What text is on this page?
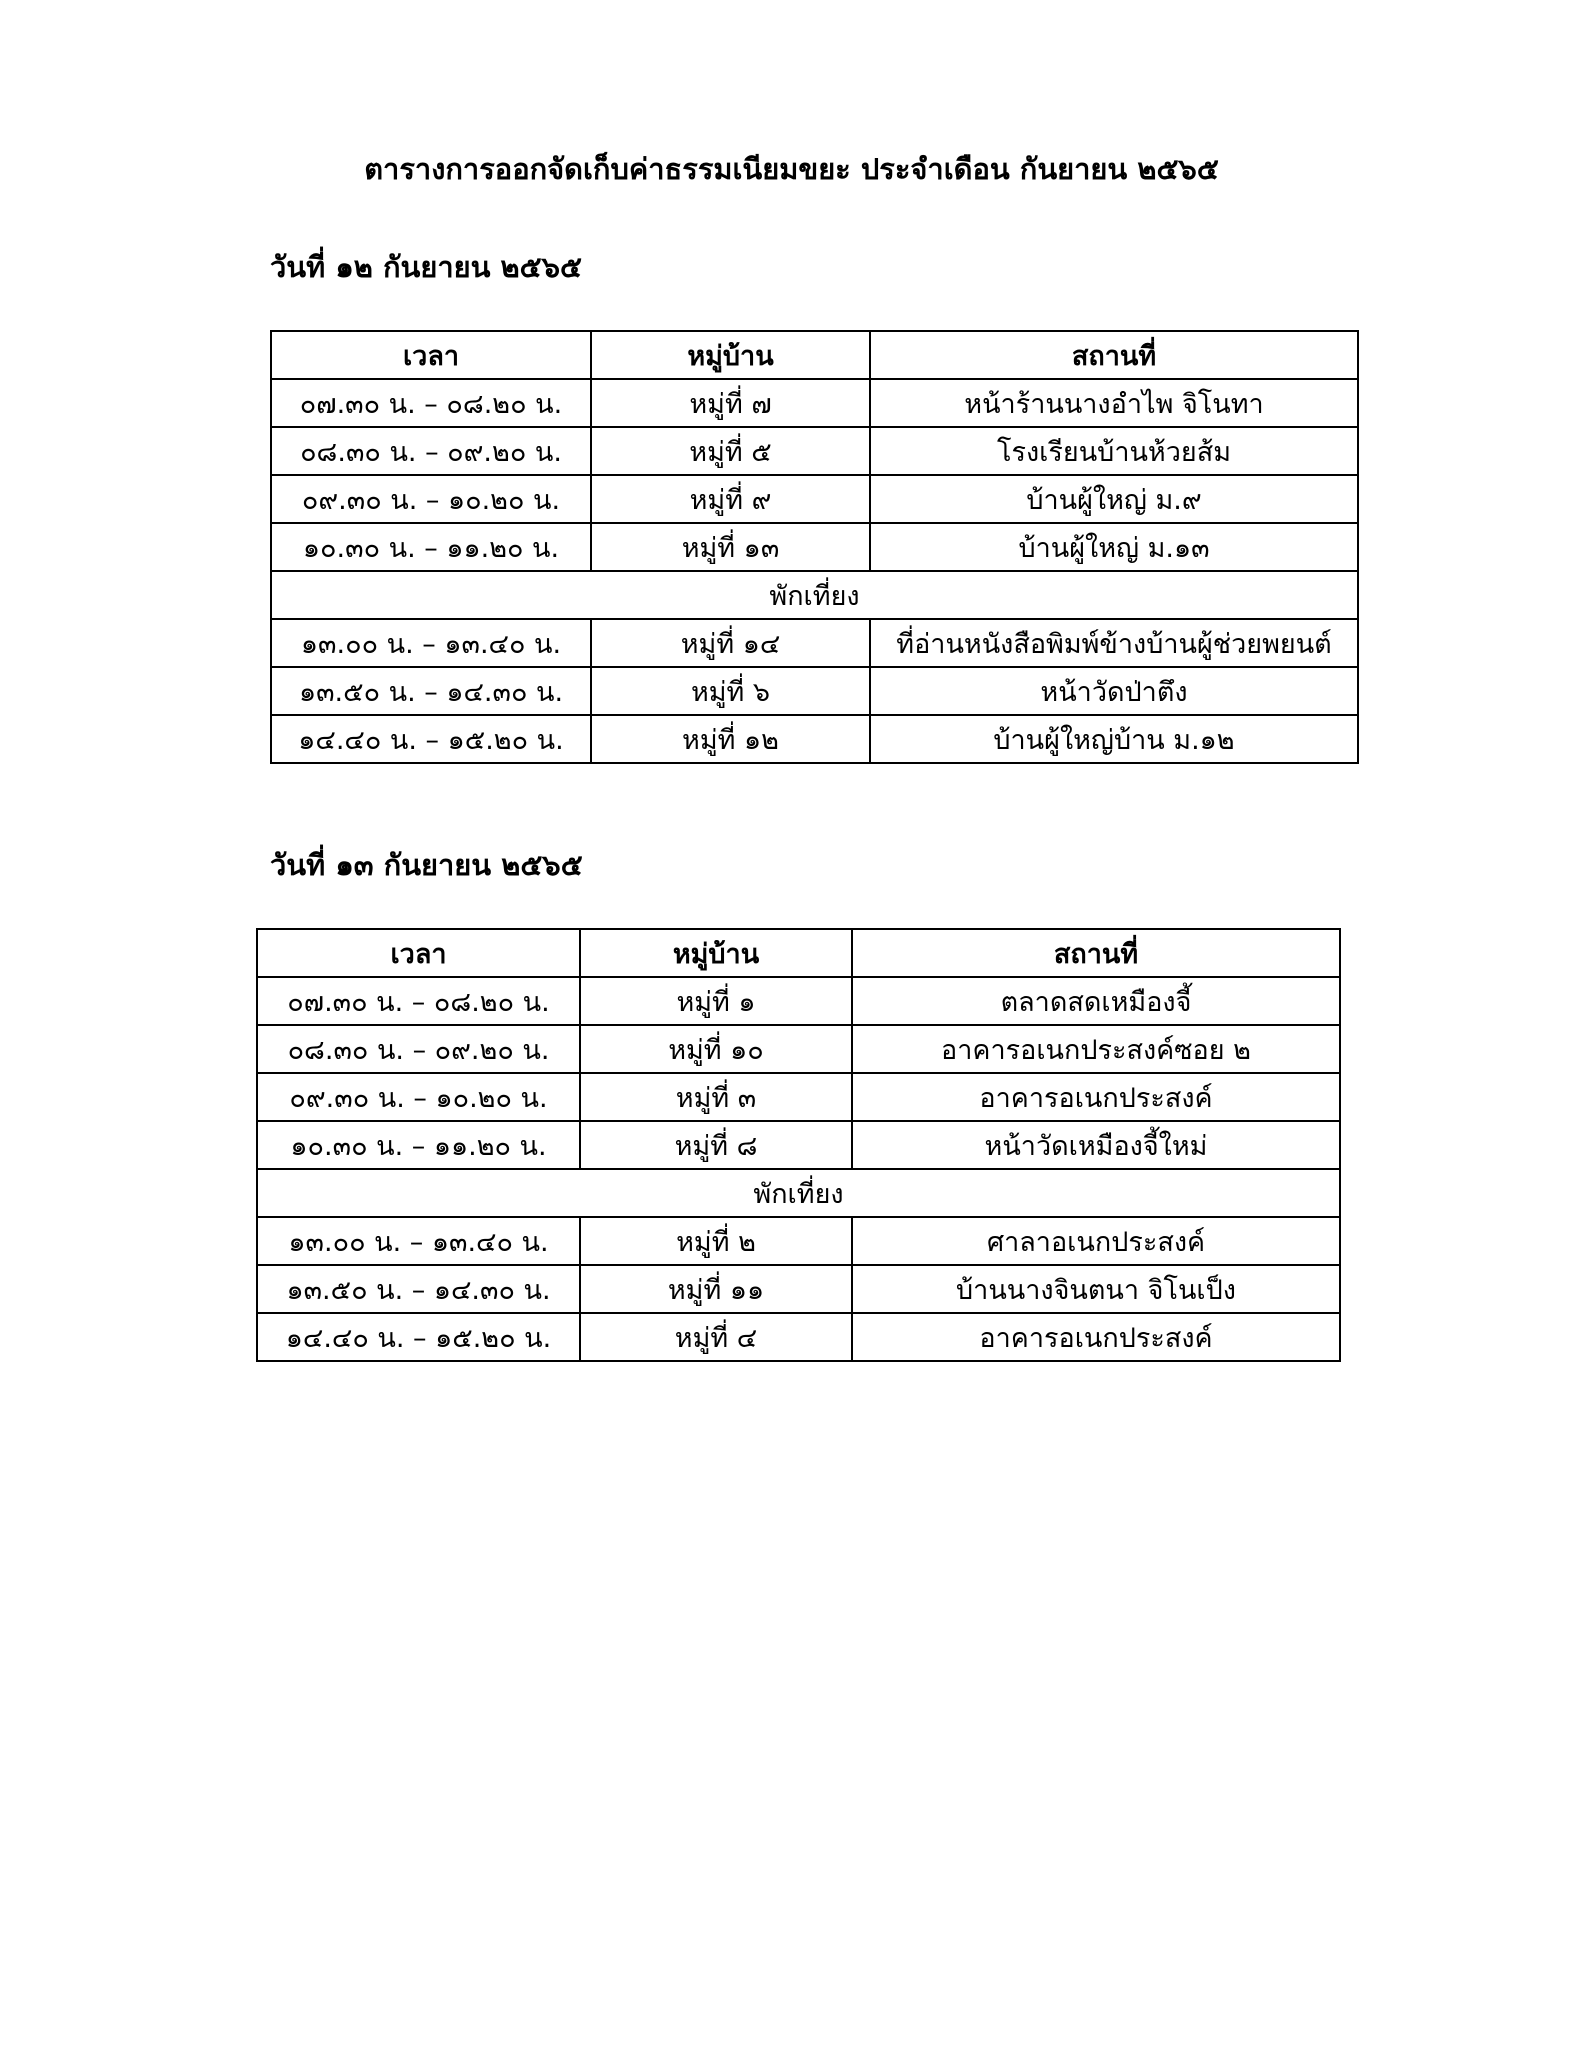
ตารางการออกจัดเก็บค่าธรรมเนียมขยะ ประจำเดือน กันยายน ๒๕๖๕
วันที่ ๑๒ กันยายน ๒๕๖๕
เวลา	หมู่บ้าน	สถานที่
๐๗.๓๐ น. – ๐๘.๒๐ น.	หมู่ที่ ๗	หน้าร้านนางอำไพ จิโนทา
๐๘.๓๐ น. – ๐๙.๒๐ น.	หมู่ที่ ๕	โรงเรียนบ้านห้วยส้ม
๐๙.๓๐ น. – ๑๐.๒๐ น.	หมู่ที่ ๙	บ้านผู้ใหญ่ ม.๙
๑๐.๓๐ น. – ๑๑.๒๐ น.	หมู่ที่ ๑๓	บ้านผู้ใหญ่ ม.๑๓
พักเที่ยง		
๑๓.๐๐ น. – ๑๓.๔๐ น.	หมู่ที่ ๑๔	ที่อ่านหนังสือพิมพ์ข้างบ้านผู้ช่วยพยนต์
๑๓.๕๐ น. – ๑๔.๓๐ น.	หมู่ที่ ๖	หน้าวัดป่าตึง
๑๔.๔๐ น. – ๑๕.๒๐ น.	หมู่ที่ ๑๒	บ้านผู้ใหญ่บ้าน ม.๑๒
วันที่ ๑๓ กันยายน ๒๕๖๕
เวลา	หมู่บ้าน	สถานที่
๐๗.๓๐ น. – ๐๘.๒๐ น.	หมู่ที่ ๑	ตลาดสดเหมืองจี้
๐๘.๓๐ น. – ๐๙.๒๐ น.	หมู่ที่ ๑๐	อาคารอเนกประสงค์ซอย ๒
๐๙.๓๐ น. – ๑๐.๒๐ น.	หมู่ที่ ๓	อาคารอเนกประสงค์
๑๐.๓๐ น. – ๑๑.๒๐ น.	หมู่ที่ ๘	หน้าวัดเหมืองจี้ใหม่
พักเที่ยง		
๑๓.๐๐ น. – ๑๓.๔๐ น.	หมู่ที่ ๒	ศาลาอเนกประสงค์
๑๓.๕๐ น. – ๑๔.๓๐ น.	หมู่ที่ ๑๑	บ้านนางจินตนา จิโนเป็ง
๑๔.๔๐ น. – ๑๕.๒๐ น.	หมู่ที่ ๔	อาคารอเนกประสงค์
